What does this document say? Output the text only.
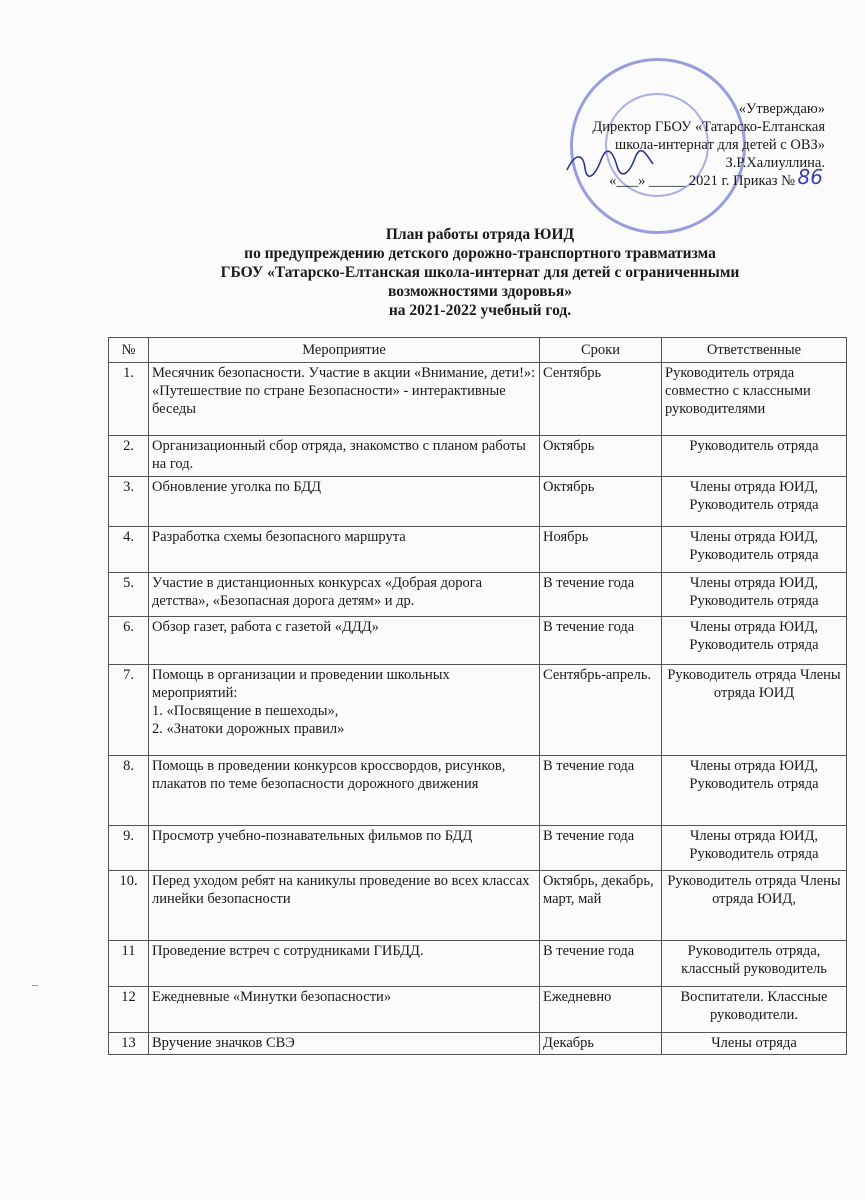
«Утверждаю»
Директор ГБОУ «Татарско-Елтанская
школа-интернат для детей с ОВЗ»
З.Р.Халиуллина.
«___» _____ 2021 г. Приказ № 86
План работы отряда ЮИД
по предупреждению детского дорожно-транспортного травматизма
ГБОУ «Татарско-Елтанская школа-интернат для детей с ограниченными
возможностями здоровья»
на 2021-2022 учебный год.
№	Мероприятие	Сроки	Ответственные
1.	Месячник безопасности. Участие в акции «Внимание, дети!»: «Путешествие по стране Безопасности» - интерактивные беседы	Сентябрь	Руководитель отряда совместно с классными руководителями
2.	Организационный сбор отряда, знакомство с планом работы на год.	Октябрь	Руководитель отряда
3.	Обновление уголка по БДД	Октябрь	Члены отряда ЮИД, Руководитель отряда
4.	Разработка схемы безопасного маршрута	Ноябрь	Члены отряда ЮИД, Руководитель отряда
5.	Участие в дистанционных конкурсах «Добрая дорога детства», «Безопасная дорога детям» и др.	В течение года	Члены отряда ЮИД, Руководитель отряда
6.	Обзор газет, работа с газетой «ДДД»	В течение года	Члены отряда ЮИД, Руководитель отряда
7.	Помощь в организации и проведении школьных мероприятий:
1. «Посвящение в пешеходы»,
2. «Знатоки дорожных правил»	Сентябрь-апрель.	Руководитель отряда Члены отряда ЮИД
8.	Помощь в проведении конкурсов кроссвордов, рисунков, плакатов по теме безопасности дорожного движения	В течение года	Члены отряда ЮИД, Руководитель отряда
9.	Просмотр учебно-познавательных фильмов по БДД	В течение года	Члены отряда ЮИД, Руководитель отряда
10.	Перед уходом ребят на каникулы проведение во всех классах линейки безопасности	Октябрь, декабрь, март, май	Руководитель отряда Члены отряда ЮИД,
11	Проведение встреч с сотрудниками ГИБДД.	В течение года	Руководитель отряда, классный руководитель
12	Ежедневные «Минутки безопасности»	Ежедневно	Воспитатели. Классные руководители.
13	Вручение значков СВЭ	Декабрь	Члены отряда
